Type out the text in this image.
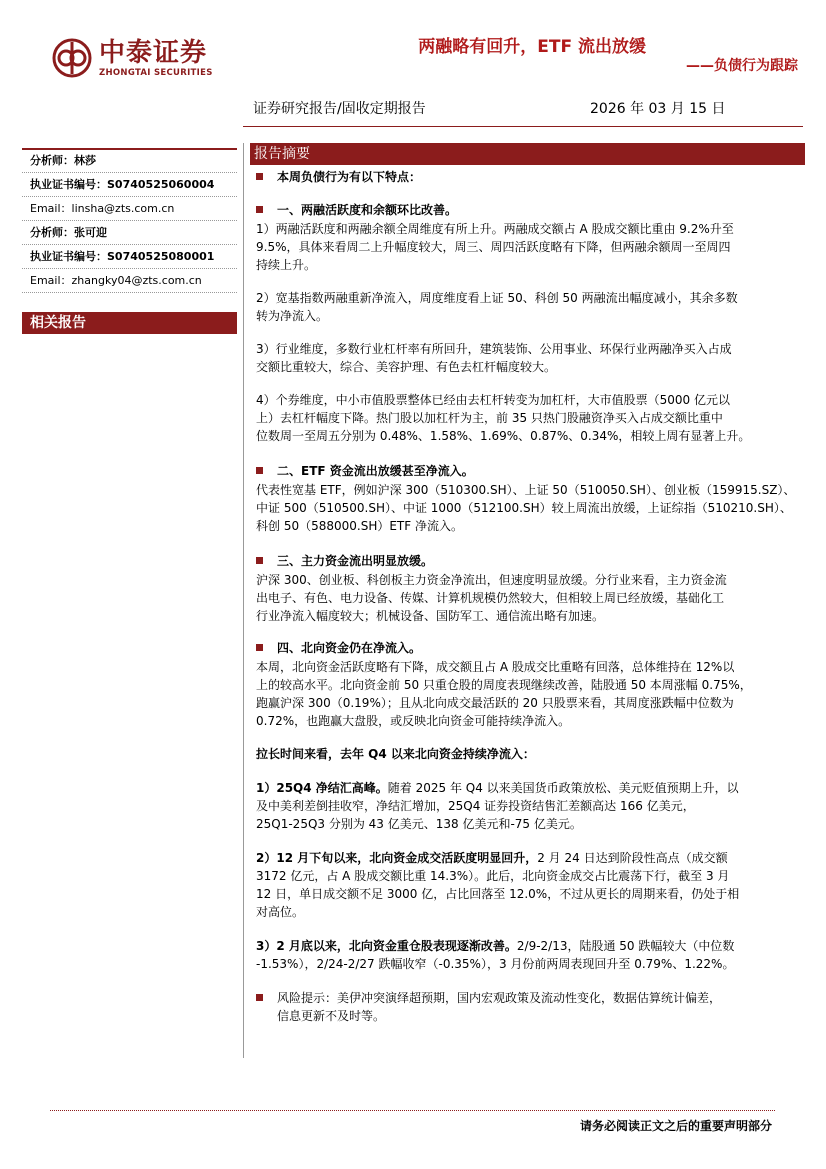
中泰证券
ZHONGTAI SECURITIES
两融略有回升，ETF 流出放缓
——负债行为跟踪
证券研究报告/固收定期报告	2026 年 03 月 15 日
分析师：林莎
执业证书编号：S0740525060004
Email：linsha@zts.com.cn
分析师：张可迎
执业证书编号：S0740525080001
Email：zhangky04@zts.com.cn
相关报告
报告摘要
本周负债行为有以下特点：
一、两融活跃度和余额环比改善。
1）两融活跃度和两融余额全周维度有所上升。两融成交额占 A 股成交额比重由 9.2%升至
9.5%，具体来看周二上升幅度较大，周三、周四活跃度略有下降，但两融余额周一至周四
持续上升。
2）宽基指数两融重新净流入，周度维度看上证 50、科创 50 两融流出幅度减小，其余多数
转为净流入。
3）行业维度，多数行业杠杆率有所回升，建筑装饰、公用事业、环保行业两融净买入占成
交额比重较大，综合、美容护理、有色去杠杆幅度较大。
4）个券维度，中小市值股票整体已经由去杠杆转变为加杠杆，大市值股票（5000 亿元以
上）去杠杆幅度下降。热门股以加杠杆为主，前 35 只热门股融资净买入占成交额比重中
位数周一至周五分别为 0.48%、1.58%、1.69%、0.87%、0.34%，相较上周有显著上升。
二、ETF 资金流出放缓甚至净流入。
代表性宽基 ETF，例如沪深 300（510300.SH）、上证 50（510050.SH）、创业板（159915.SZ）、
中证 500（510500.SH）、中证 1000（512100.SH）较上周流出放缓，上证综指（510210.SH）、
科创 50（588000.SH）ETF 净流入。
三、主力资金流出明显放缓。
沪深 300、创业板、科创板主力资金净流出，但速度明显放缓。分行业来看，主力资金流
出电子、有色、电力设备、传媒、计算机规模仍然较大，但相较上周已经放缓，基础化工
行业净流入幅度较大；机械设备、国防军工、通信流出略有加速。
四、北向资金仍在净流入。
本周，北向资金活跃度略有下降，成交额且占 A 股成交比重略有回落，总体维持在 12%以
上的较高水平。北向资金前 50 只重仓股的周度表现继续改善，陆股通 50 本周涨幅 0.75%，
跑赢沪深 300（0.19%）；且从北向成交最活跃的 20 只股票来看，其周度涨跌幅中位数为
0.72%，也跑赢大盘股，或反映北向资金可能持续净流入。
拉长时间来看，去年 Q4 以来北向资金持续净流入：
1）25Q4 净结汇高峰。随着 2025 年 Q4 以来美国货币政策放松、美元贬值预期上升，以
及中美利差倒挂收窄，净结汇增加，25Q4 证券投资结售汇差额高达 166 亿美元，
25Q1-25Q3 分别为 43 亿美元、138 亿美元和-75 亿美元。
2）12 月下旬以来，北向资金成交活跃度明显回升，2 月 24 日达到阶段性高点（成交额
3172 亿元，占 A 股成交额比重 14.3%）。此后，北向资金成交占比震荡下行，截至 3 月
12 日，单日成交额不足 3000 亿，占比回落至 12.0%，不过从更长的周期来看，仍处于相
对高位。
3）2 月底以来，北向资金重仓股表现逐渐改善。2/9-2/13，陆股通 50 跌幅较大（中位数
-1.53%），2/24-2/27 跌幅收窄（-0.35%），3 月份前两周表现回升至 0.79%、1.22%。
风险提示：美伊冲突演绎超预期，国内宏观政策及流动性变化，数据估算统计偏差，
信息更新不及时等。
请务必阅读正文之后的重要声明部分
